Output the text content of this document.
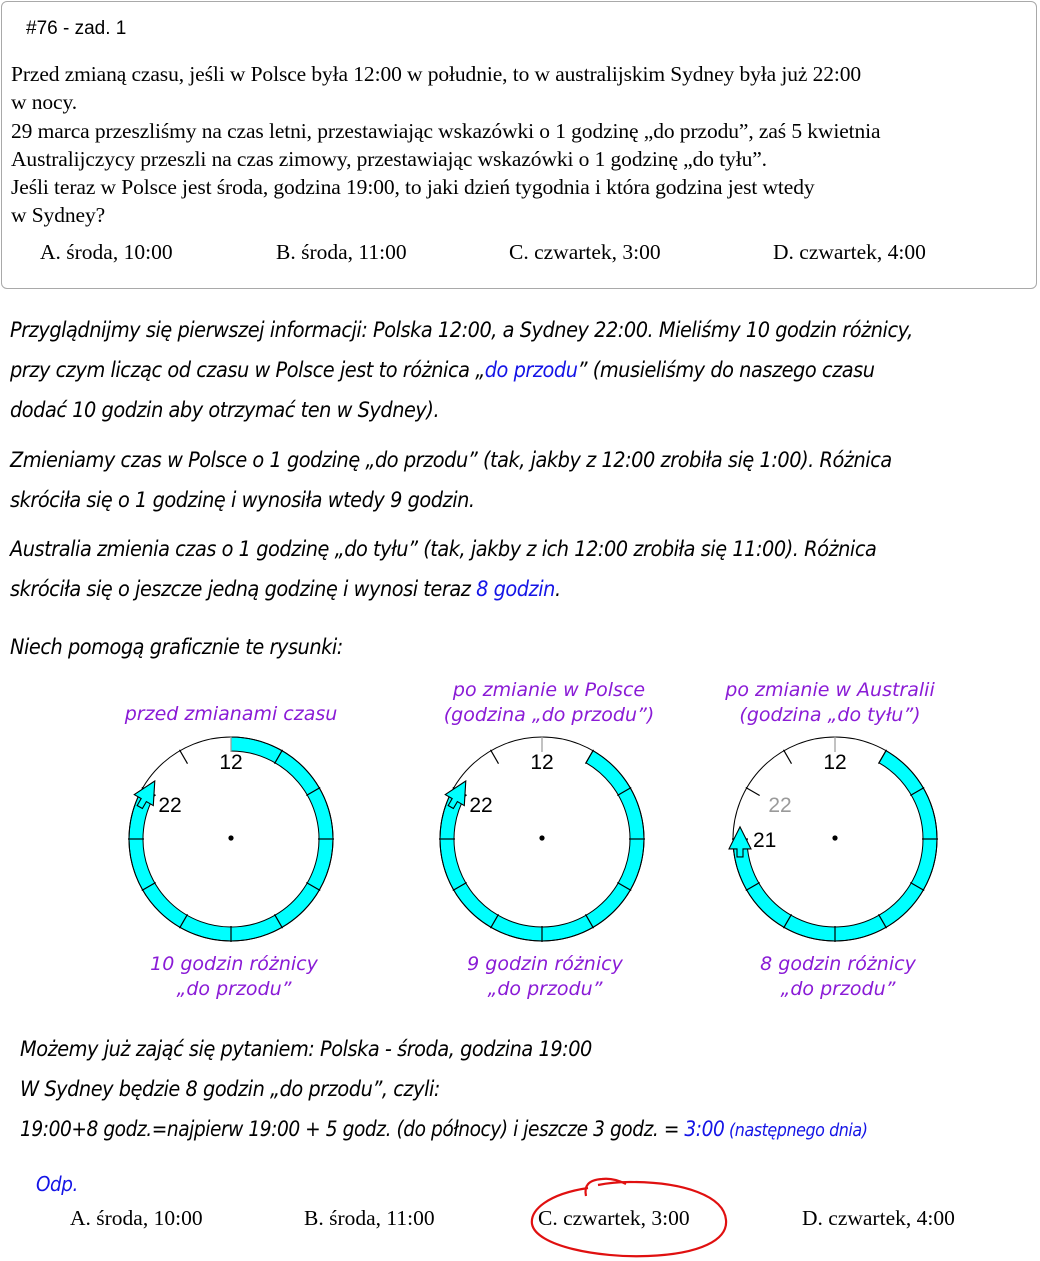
#76 - zad. 1
Przed zmianą czasu, jeśli w Polsce była 12:00 w południe, to w australijskim Sydney była już 22:00
w nocy.
29 marca przeszliśmy na czas letni, przestawiając wskazówki o 1 godzinę „do przodu”, zaś 5 kwietnia
Australijczycy przeszli na czas zimowy, przestawiając wskazówki o 1 godzinę „do tyłu”.
Jeśli teraz w Polsce jest środa, godzina 19:00, to jaki dzień tygodnia i która godzina jest wtedy
w Sydney?
A. środa, 10:00	B. środa, 11:00	C. czwartek, 3:00	D. czwartek, 4:00
Przyglądnijmy się pierwszej informacji: Polska 12:00, a Sydney 22:00. Mieliśmy 10 godzin różnicy,
przy czym licząc od czasu w Polsce jest to różnica „do przodu” (musieliśmy do naszego czasu
dodać 10 godzin aby otrzymać ten w Sydney).
Zmieniamy czas w Polsce o 1 godzinę „do przodu” (tak, jakby z 12:00 zrobiła się 1:00). Różnica
skróciła się o 1 godzinę i wynosiła wtedy 9 godzin.
Australia zmienia czas o 1 godzinę „do tyłu” (tak, jakby z ich 12:00 zrobiła się 11:00). Różnica
skróciła się o jeszcze jedną godzinę i wynosi teraz 8 godzin.
Niech pomogą graficznie te rysunki:
przed zmianami czasu
po zmianie w Polsce
(godzina „do przodu”)
po zmianie w Australii
(godzina „do tyłu”)
12
22
12
22
12
22
21
10 godzin różnicy
„do przodu”
9 godzin różnicy
„do przodu”
8 godzin różnicy
„do przodu”
Możemy już zająć się pytaniem: Polska - środa, godzina 19:00
W Sydney będzie 8 godzin „do przodu”, czyli:
19:00+8 godz.=najpierw 19:00 + 5 godz. (do północy) i jeszcze 3 godz. = 3:00 (następnego dnia)
Odp.
A. środa, 10:00	B. środa, 11:00	C. czwartek, 3:00	D. czwartek, 4:00
